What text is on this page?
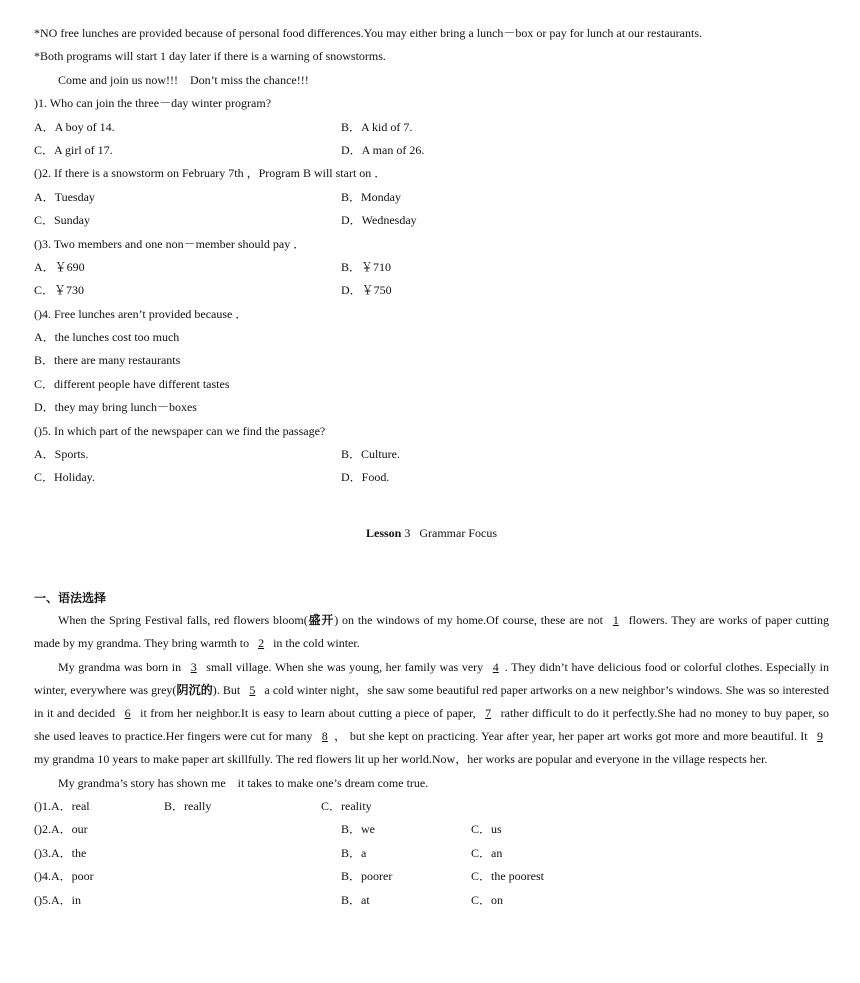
*NO free lunches are provided because of personal food differences.You may either bring a lunch－box or pay for lunch at our restaurants.
*Both programs will start 1 day later if there is a warning of snowstorms.
Come and join us now!!!　Don’t miss the chance!!!
)1. Who can join the three－day winter program?
A．A boy of 14.	B．A kid of 7.
C．A girl of 17.	D．A man of 26.
()2. If there is a snowstorm on February 7th ，Program B will start on ．
A．Tuesday	B．Monday
C．Sunday	D．Wednesday
()3. Two members and one non－member should pay ．
A．￥690	B．￥710
C．￥730	D．￥750
()4. Free lunches aren’t provided because ．
A．the lunches cost too much
B．there are many restaurants
C．different people have different tastes
D．they may bring lunch－boxes
()5. In which part of the newspaper can we find the passage?
A．Sports.	B．Culture.
C．Holiday.	D．Food.
Lesson 3 Grammar Focus
一、语法选择
When the Spring Festival falls, red flowers bloom(盛开) on the windows of my home.Of course, these are not 1 flowers. They are works of paper cutting made by my grandma. They bring warmth to 2 in the cold winter.
My grandma was born in 3 small village. When she was young, her family was very 4 . They didn’t have delicious food or colorful clothes. Especially in winter, everywhere was grey(阴沉的). But 5 a cold winter night，she saw some beautiful red paper artworks on a new neighbor’s windows. She was so interested in it and decided 6 it from her neighbor.It is easy to learn about cutting a piece of paper, 7 rather difficult to do it perfectly.She had no money to buy paper, so she used leaves to practice.Her fingers were cut for many 8 ， but she kept on practicing. Year after year, her paper art works got more and more beautiful. It 9 my grandma 10 years to make paper art skillfully. The red flowers lit up her world.Now，her works are popular and everyone in the village respects her.
My grandma’s story has shown me　it takes to make one’s dream come true.
()1.A．real	B．really	C．reality
()2.A．our	B．we	C．us
()3.A．the	B．a	C．an
()4.A．poor	B．poorer	C．the poorest
()5.A．in	B．at	C．on
